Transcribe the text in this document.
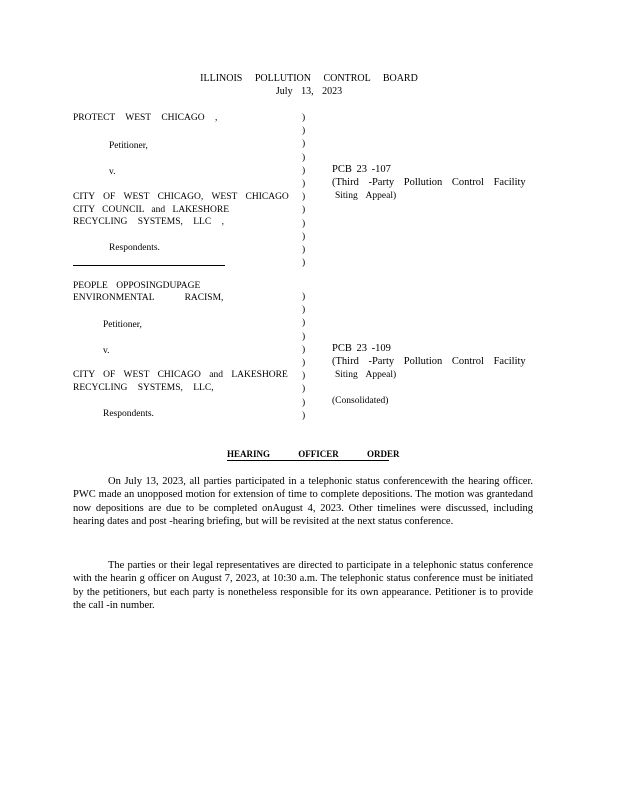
ILLINOIS POLLUTION CONTROL BOARD
July 13, 2023
PROTECT WEST CHICAGO ,
Petitioner,
v.
CITY OF WEST CHICAGO, WEST CHICAGO
CITY COUNCIL and LAKESHORE
RECYCLING SYSTEMS, LLC ,
Respondents.
)
)
)
)
)
)
)
)
)
)
)
)
PCB 23 -107
(Third -Party Pollution Control Facility
Siting Appeal)
PEOPLE OPPOSINGDUPAGE
ENVIRONMENTAL RACISM,
Petitioner,
v.
CITY OF WEST CHICAGO and LAKESHORE
RECYCLING SYSTEMS, LLC,
Respondents.
)
)
)
)
)
)
)
)
)
)
PCB 23 -109
(Third -Party Pollution Control Facility
Siting Appeal)
(Consolidated)
HEARING OFFICER ORDER
On July 13, 2023, all parties participated in a telephonic status conferencewith the hearing officer. PWC made an unopposed motion for extension of time to complete depositions. The motion was grantedand now depositions are due to be completed onAugust 4, 2023. Other timelines were discussed, including hearing dates and post -hearing briefing, but will be revisited at the next status conference.
The parties or their legal representatives are directed to participate in a telephonic status conference with the hearin g officer on August 7, 2023, at 10:30 a.m. The telephonic status conference must be initiated by the petitioners, but each party is nonetheless responsible for its own appearance. Petitioner is to provide the call -in number.
